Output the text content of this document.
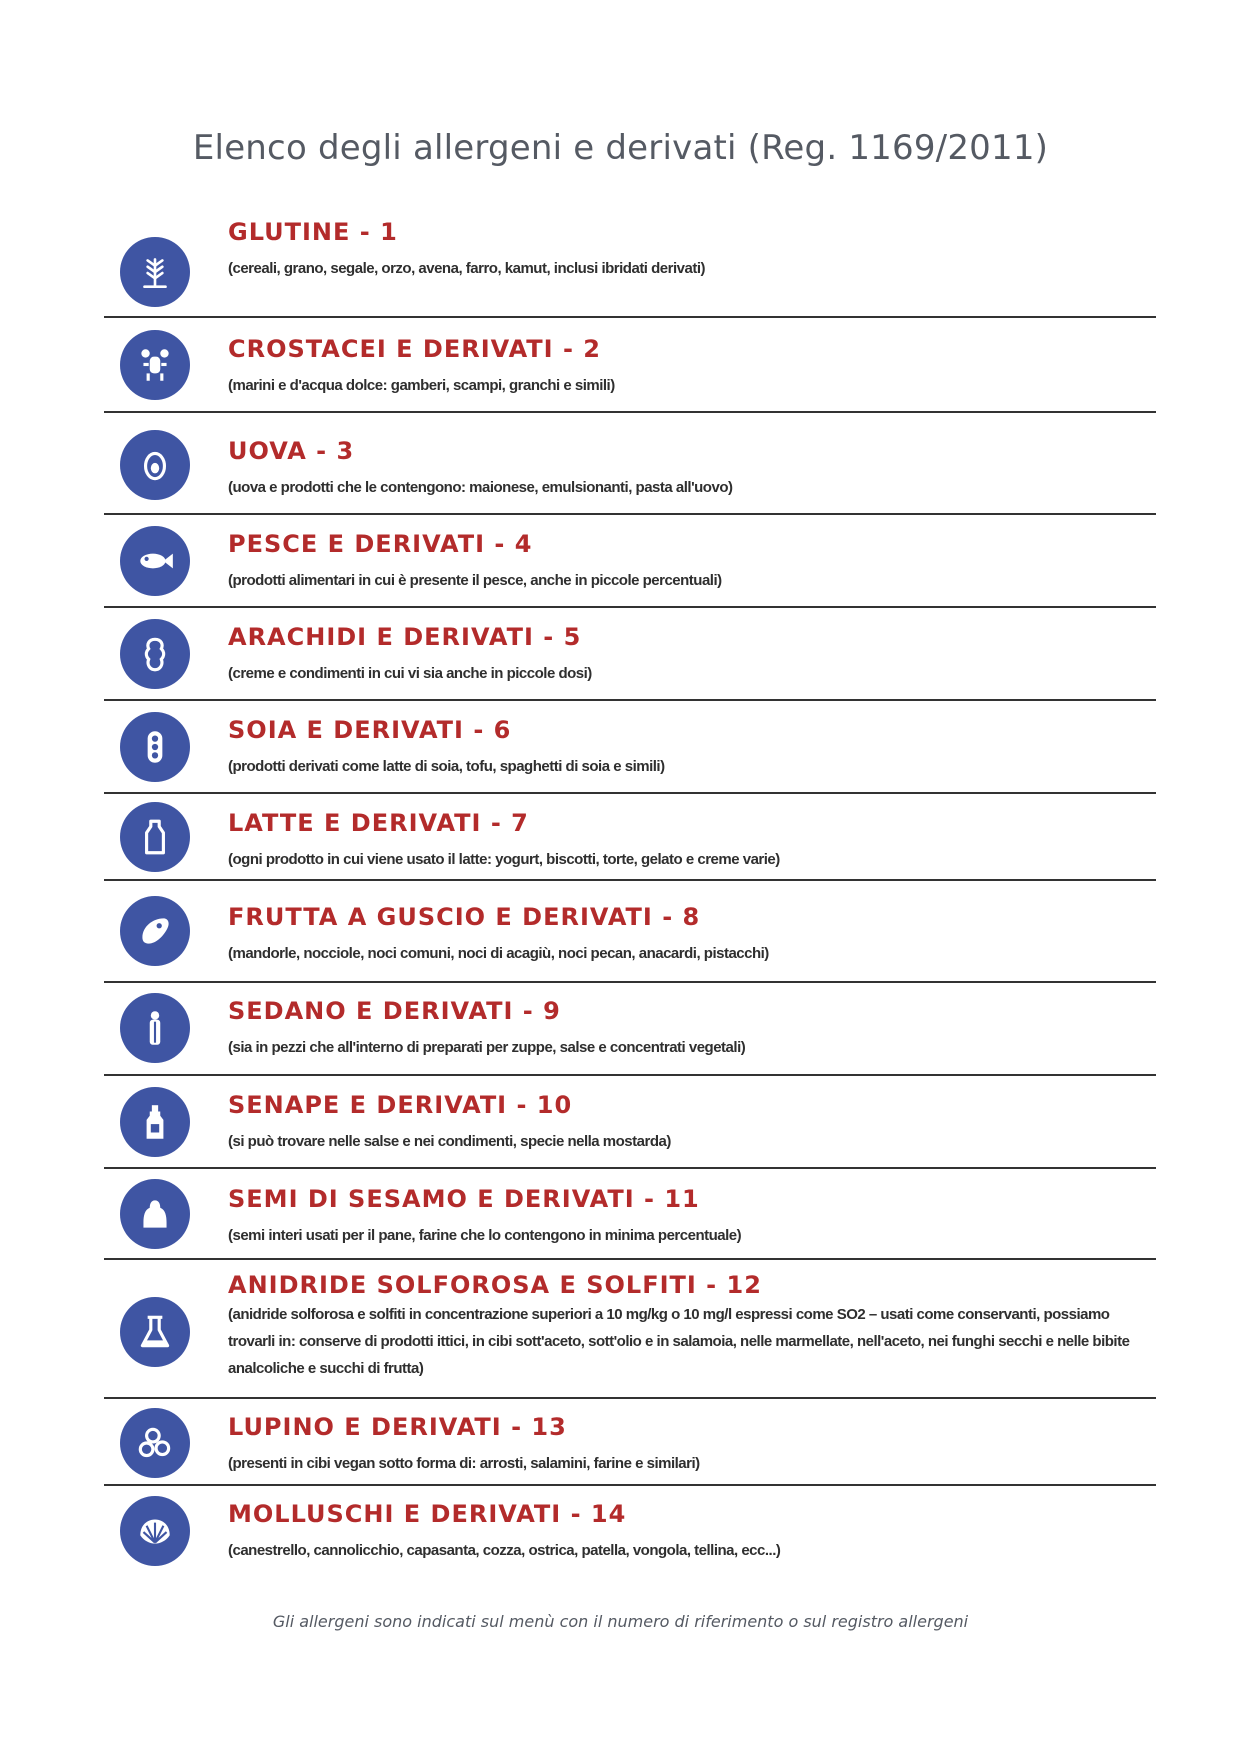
Elenco degli allergeni e derivati (Reg. 1169/2011)
GLUTINE - 1
(cereali, grano, segale, orzo, avena, farro, kamut, inclusi ibridati derivati)
CROSTACEI E DERIVATI - 2
(marini e d'acqua dolce: gamberi, scampi, granchi e simili)
UOVA - 3
(uova e prodotti che le contengono: maionese, emulsionanti, pasta all'uovo)
PESCE E DERIVATI - 4
(prodotti alimentari in cui è presente il pesce, anche in piccole percentuali)
ARACHIDI E DERIVATI - 5
(creme e condimenti in cui vi sia anche in piccole dosi)
SOIA E DERIVATI - 6
(prodotti derivati come latte di soia, tofu, spaghetti di soia e simili)
LATTE E DERIVATI - 7
(ogni prodotto in cui viene usato il latte: yogurt, biscotti, torte, gelato e creme varie)
FRUTTA A GUSCIO E DERIVATI - 8
(mandorle, nocciole, noci comuni, noci di acagiù, noci pecan, anacardi, pistacchi)
SEDANO E DERIVATI - 9
(sia in pezzi che all'interno di preparati per zuppe, salse e concentrati vegetali)
SENAPE E DERIVATI - 10
(si può trovare nelle salse e nei condimenti, specie nella mostarda)
SEMI DI SESAMO E DERIVATI - 11
(semi interi usati per il pane, farine che lo contengono in minima percentuale)
ANIDRIDE SOLFOROSA E SOLFITI - 12
(anidride solforosa e solfiti in concentrazione superiori a 10 mg/kg o 10 mg/l espressi come SO2 – usati come conservanti, possiamo trovarli in: conserve di prodotti ittici, in cibi sott'aceto, sott'olio e in salamoia, nelle marmellate, nell'aceto, nei funghi secchi e nelle bibite analcoliche e succhi di frutta)
LUPINO E DERIVATI - 13
(presenti in cibi vegan sotto forma di: arrosti, salamini, farine e similari)
MOLLUSCHI E DERIVATI - 14
(canestrello, cannolicchio, capasanta, cozza, ostrica, patella, vongola, tellina, ecc...)
Gli allergeni sono indicati sul menù con il numero di riferimento o sul registro allergeni
